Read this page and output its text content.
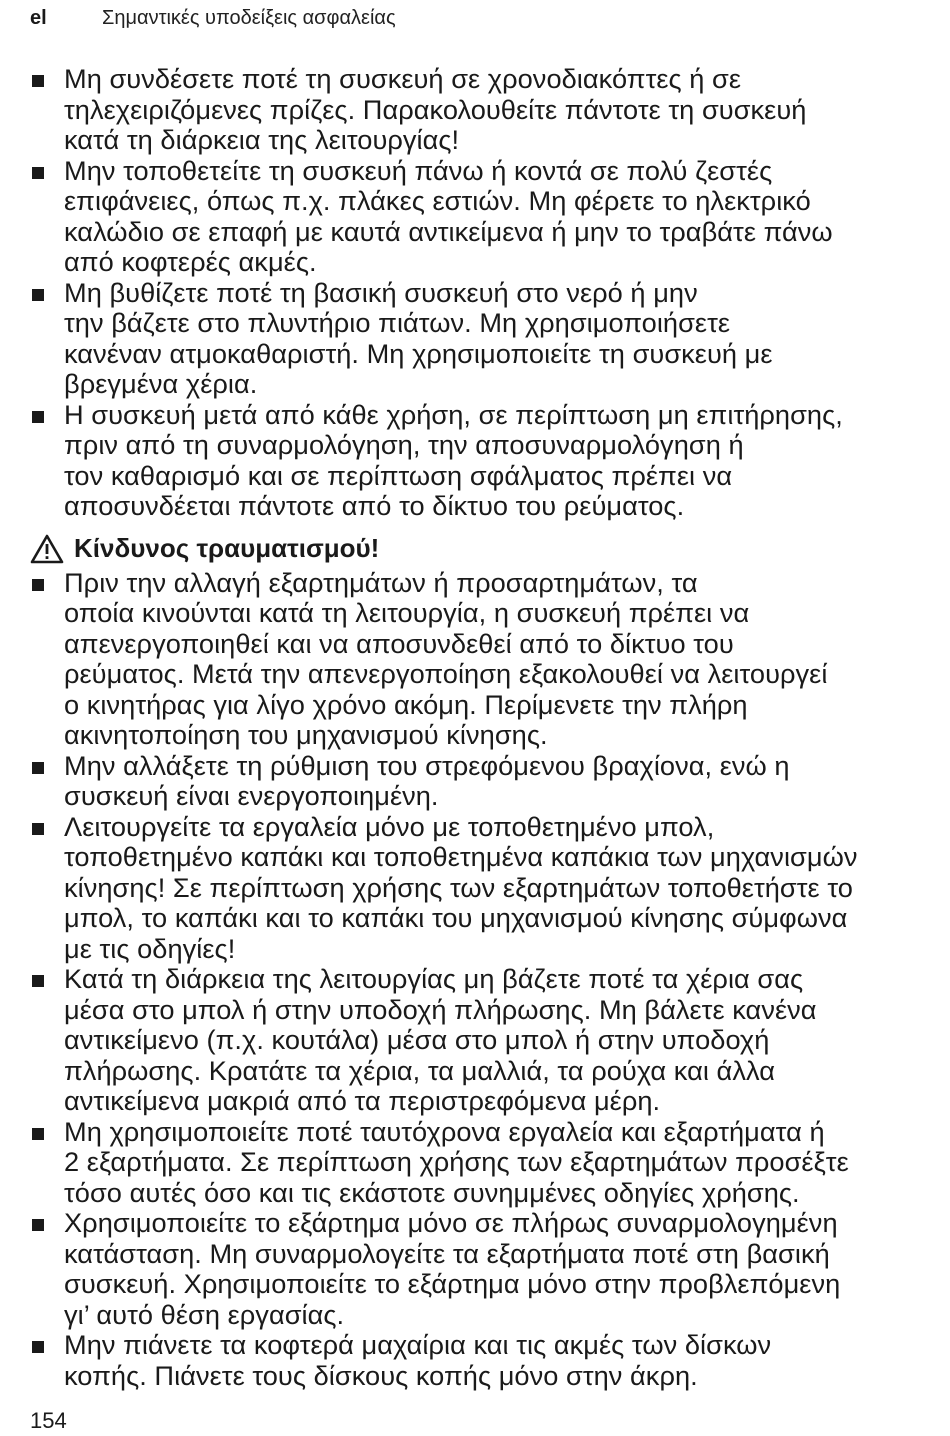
el	Σημαντικές υποδείξεις ασφαλείας
Μη συνδέσετε ποτέ τη συσκευή σε χρονοδιακόπτες ή σε
τηλεχειριζόμενες πρίζες. Παρακολουθείτε πάντοτε τη συσκευή
κατά τη διάρκεια της λειτουργίας!
Μην τοποθετείτε τη συσκευή πάνω ή κοντά σε πολύ ζεστές
επιφάνειες, όπως π.χ. πλάκες εστιών. Μη φέρετε το ηλεκτρικό
καλώδιο σε επαφή με καυτά αντικείμενα ή μην το τραβάτε πάνω
από κοφτερές ακμές.
Μη βυθίζετε ποτέ τη βασική συσκευή στο νερό ή μην
την βάζετε στο πλυντήριο πιάτων. Μη χρησιμοποιήσετε
κανέναν ατμοκαθαριστή. Μη χρησιμοποιείτε τη συσκευή με
βρεγμένα χέρια.
Η συσκευή μετά από κάθε χρήση, σε περίπτωση μη επιτήρησης,
πριν από τη συναρμολόγηση, την αποσυναρμολόγηση ή
τον καθαρισμό και σε περίπτωση σφάλματος πρέπει να
αποσυνδέεται πάντοτε από το δίκτυο του ρεύματος.
Κίνδυνος τραυματισμού!
Πριν την αλλαγή εξαρτημάτων ή προσαρτημάτων, τα
οποία κινούνται κατά τη λειτουργία, η συσκευή πρέπει να
απενεργοποιηθεί και να αποσυνδεθεί από το δίκτυο του
ρεύματος. Μετά την απενεργοποίηση εξακολουθεί να λειτουργεί
ο κινητήρας για λίγο χρόνο ακόμη. Περίμενετε την πλήρη
ακινητοποίηση του μηχανισμού κίνησης.
Μην αλλάξετε τη ρύθμιση του στρεφόμενου βραχίονα, ενώ η
συσκευή είναι ενεργοποιημένη.
Λειτουργείτε τα εργαλεία μόνο με τοποθετημένο μπολ,
τοποθετημένο καπάκι και τοποθετημένα καπάκια των μηχανισμών
κίνησης! Σε περίπτωση χρήσης των εξαρτημάτων τοποθετήστε το
μπολ, το καπάκι και το καπάκι του μηχανισμού κίνησης σύμφωνα
με τις οδηγίες!
Κατά τη διάρκεια της λειτουργίας μη βάζετε ποτέ τα χέρια σας
μέσα στο μπολ ή στην υποδοχή πλήρωσης. Μη βάλετε κανένα
αντικείμενο (π.χ. κουτάλα) μέσα στο μπολ ή στην υποδοχή
πλήρωσης. Κρατάτε τα χέρια, τα μαλλιά, τα ρούχα και άλλα
αντικείμενα μακριά από τα περιστρεφόμενα μέρη.
Μη χρησιμοποιείτε ποτέ ταυτόχρονα εργαλεία και εξαρτήματα ή
2 εξαρτήματα. Σε περίπτωση χρήσης των εξαρτημάτων προσέξτε
τόσο αυτές όσο και τις εκάστοτε συνημμένες οδηγίες χρήσης.
Χρησιμοποιείτε το εξάρτημα μόνο σε πλήρως συναρμολογημένη
κατάσταση. Μη συναρμολογείτε τα εξαρτήματα ποτέ στη βασική
συσκευή. Χρησιμοποιείτε το εξάρτημα μόνο στην προβλεπόμενη
γι’ αυτό θέση εργασίας.
Μην πιάνετε τα κοφτερά μαχαίρια και τις ακμές των δίσκων
κοπής. Πιάνετε τους δίσκους κοπής μόνο στην άκρη.
154
